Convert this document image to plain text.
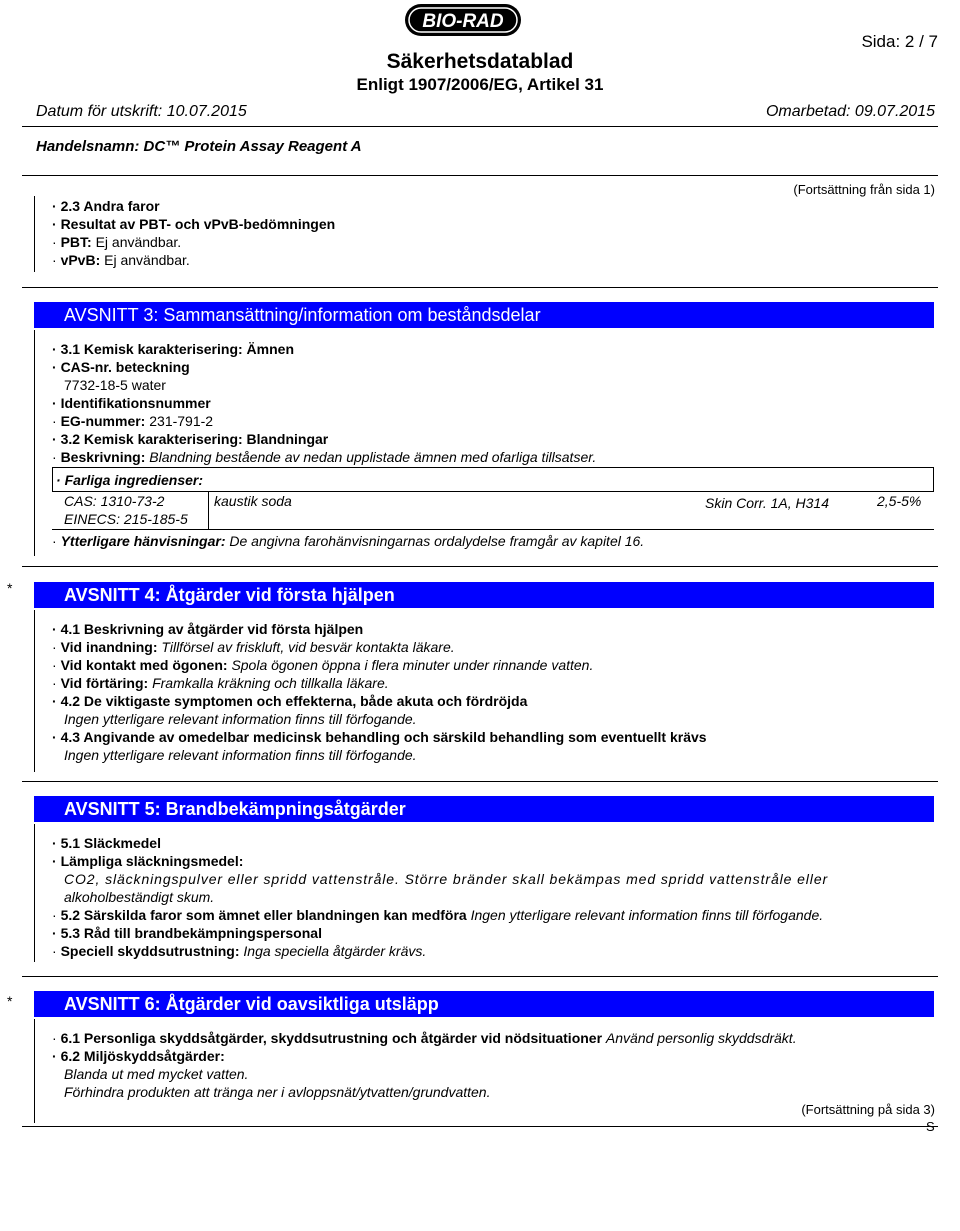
BIO-RAD
Sida: 2 / 7
Säkerhetsdatablad
Enligt 1907/2006/EG, Artikel 31
Datum för utskrift: 10.07.2015	Omarbetad: 09.07.2015
Handelsnamn: DC™ Protein Assay Reagent A
(Fortsättning från sida 1)
· 2.3 Andra faror
· Resultat av PBT- och vPvB-bedömningen
· PBT: Ej användbar.
· vPvB: Ej användbar.
AVSNITT 3: Sammansättning/information om beståndsdelar
· 3.1 Kemisk karakterisering: Ämnen
· CAS-nr. beteckning
7732-18-5 water
· Identifikationsnummer
· EG-nummer: 231-791-2
· 3.2 Kemisk karakterisering: Blandningar
· Beskrivning: Blandning bestående av nedan upplistade ämnen med ofarliga tillsatser.
· Farliga ingredienser:
CAS: 1310-73-2
EINECS: 215-185-5
kaustik soda	Skin Corr. 1A, H314	2,5-5%
· Ytterligare hänvisningar: De angivna farohänvisningarnas ordalydelse framgår av kapitel 16.
*	AVSNITT 4: Åtgärder vid första hjälpen
· 4.1 Beskrivning av åtgärder vid första hjälpen
· Vid inandning: Tillförsel av friskluft, vid besvär kontakta läkare.
· Vid kontakt med ögonen: Spola ögonen öppna i flera minuter under rinnande vatten.
· Vid förtäring: Framkalla kräkning och tillkalla läkare.
· 4.2 De viktigaste symptomen och effekterna, både akuta och fördröjda
Ingen ytterligare relevant information finns till förfogande.
· 4.3 Angivande av omedelbar medicinsk behandling och särskild behandling som eventuellt krävs
Ingen ytterligare relevant information finns till förfogande.
AVSNITT 5: Brandbekämpningsåtgärder
· 5.1 Släckmedel
· Lämpliga släckningsmedel:
CO2, släckningspulver eller spridd vattenstråle. Större bränder skall bekämpas med spridd vattenstråle eller
alkoholbeständigt skum.
· 5.2 Särskilda faror som ämnet eller blandningen kan medföra Ingen ytterligare relevant information finns till förfogande.
· 5.3 Råd till brandbekämpningspersonal
· Speciell skyddsutrustning: Inga speciella åtgärder krävs.
*	AVSNITT 6: Åtgärder vid oavsiktliga utsläpp
· 6.1 Personliga skyddsåtgärder, skyddsutrustning och åtgärder vid nödsituationer Använd personlig skyddsdräkt.
· 6.2 Miljöskyddsåtgärder:
Blanda ut med mycket vatten.
Förhindra produkten att tränga ner i avloppsnät/ytvatten/grundvatten.
(Fortsättning på sida 3)
